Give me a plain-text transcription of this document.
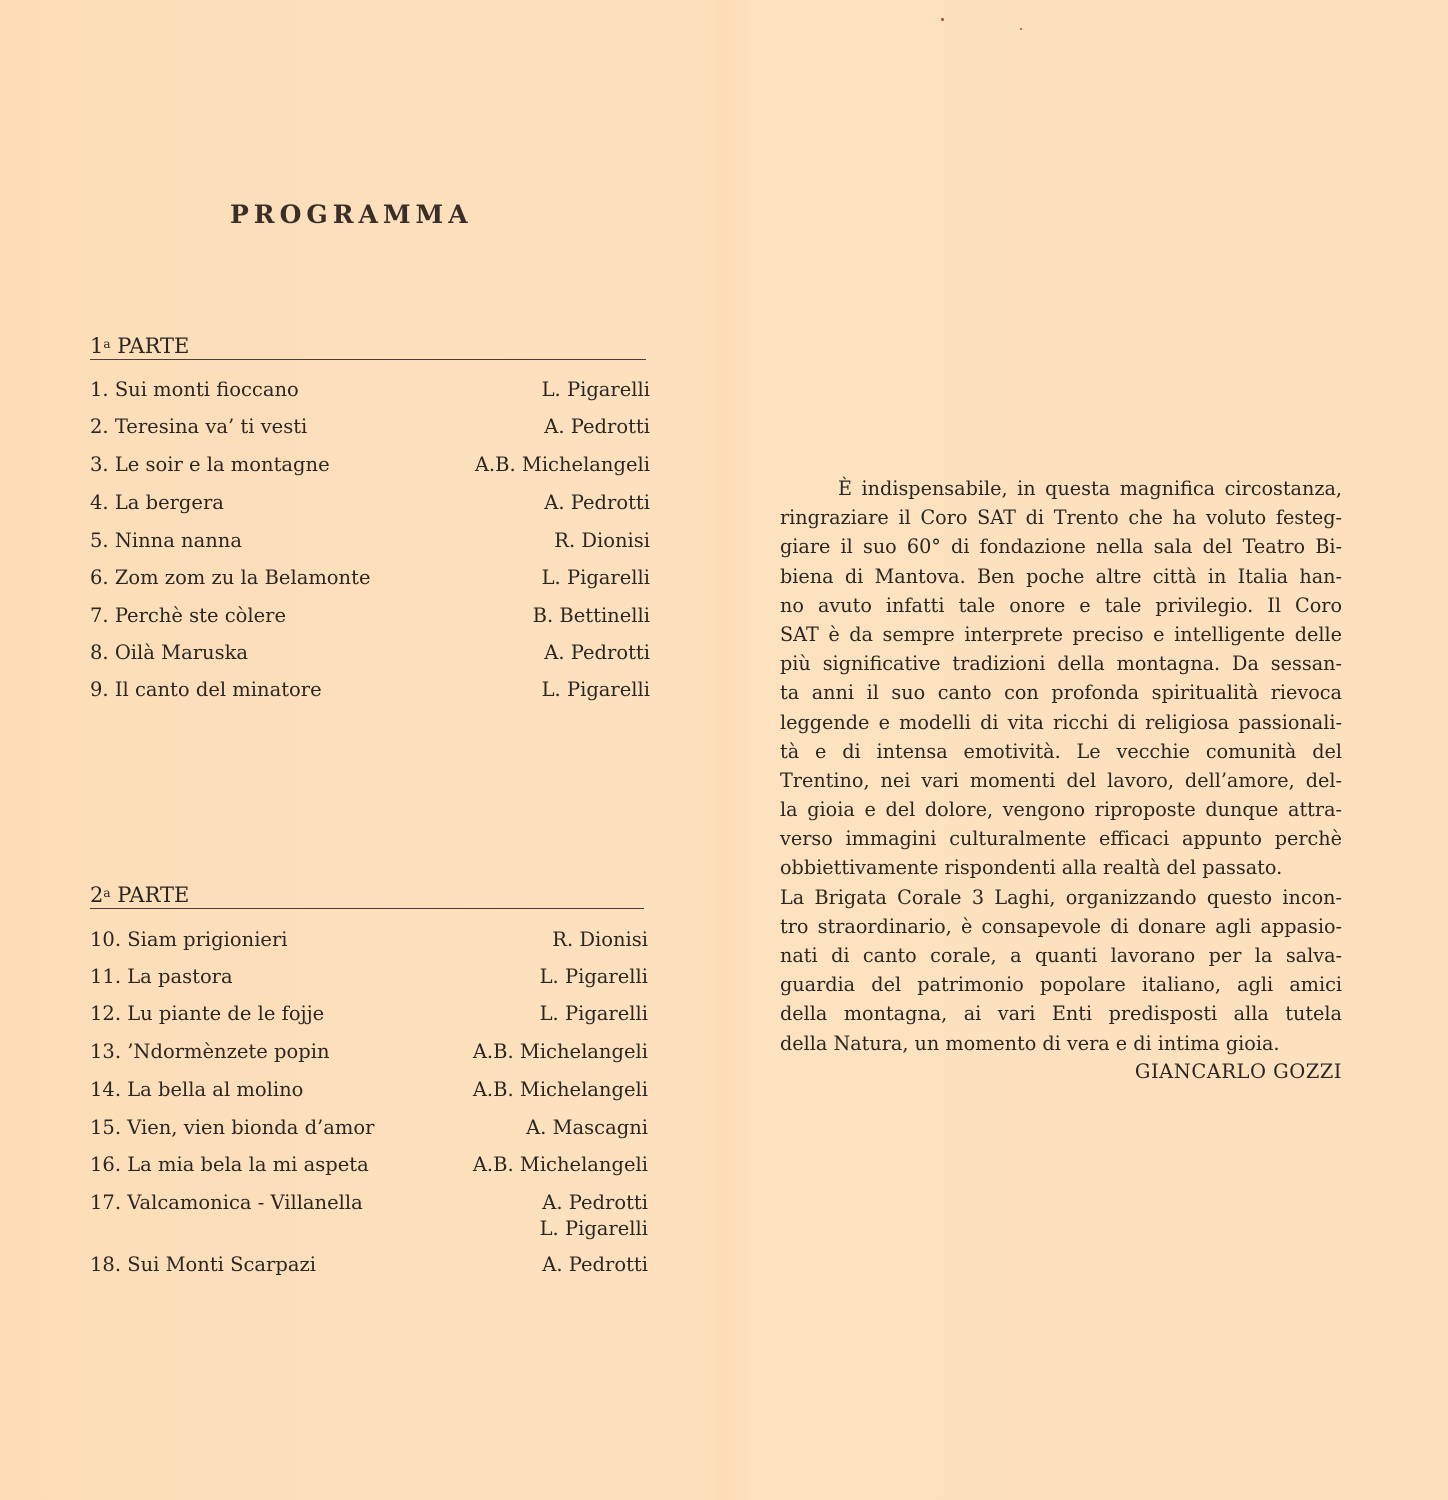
PROGRAMMA
1$^a$ PARTE
1. Sui monti fioccano	L. Pigarelli
2. Teresina va’ ti vesti	A. Pedrotti
3. Le soir e la montagne	A.B. Michelangeli
4. La bergera	A. Pedrotti
5. Ninna nanna	R. Dionisi
6. Zom zom zu la Belamonte	L. Pigarelli
7. Perchè ste còlere	B. Bettinelli
8. Oilà Maruska	A. Pedrotti
9. Il canto del minatore	L. Pigarelli
2$^a$ PARTE
10. Siam prigionieri	R. Dionisi
11. La pastora	L. Pigarelli
12. Lu piante de le fojje	L. Pigarelli
13. ’Ndormènzete popin	A.B. Michelangeli
14. La bella al molino	A.B. Michelangeli
15. Vien, vien bionda d’amor	A. Mascagni
16. La mia bela la mi aspeta	A.B. Michelangeli
17. Valcamonica - Villanella	A. Pedrotti
L. Pigarelli
18. Sui Monti Scarpazi	A. Pedrotti
È indispensabile, in questa magnifica circostanza,
ringraziare il Coro SAT di Trento che ha voluto festeg-
giare il suo 60° di fondazione nella sala del Teatro Bi-
biena di Mantova. Ben poche altre città in Italia han-
no avuto infatti tale onore e tale privilegio. Il Coro
SAT è da sempre interprete preciso e intelligente delle
più significative tradizioni della montagna. Da sessan-
ta anni il suo canto con profonda spiritualità rievoca
leggende e modelli di vita ricchi di religiosa passionali-
tà e di intensa emotività. Le vecchie comunità del
Trentino, nei vari momenti del lavoro, dell’amore, del-
la gioia e del dolore, vengono riproposte dunque attra-
verso immagini culturalmente efficaci appunto perchè
obbiettivamente rispondenti alla realtà del passato.
La Brigata Corale 3 Laghi, organizzando questo incon-
tro straordinario, è consapevole di donare agli appasio-
nati di canto corale, a quanti lavorano per la salva-
guardia del patrimonio popolare italiano, agli amici
della montagna, ai vari Enti predisposti alla tutela
della Natura, un momento di vera e di intima gioia.
GIANCARLO GOZZI
